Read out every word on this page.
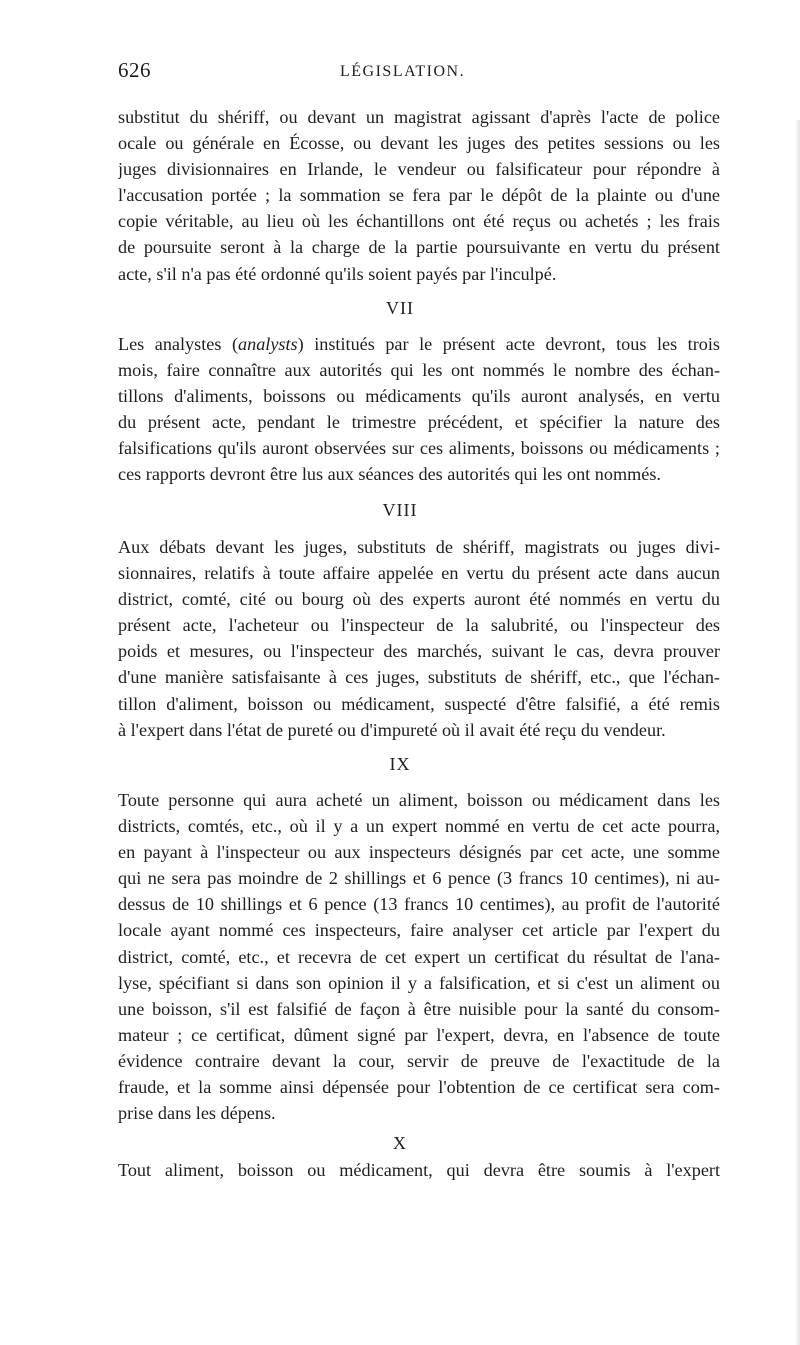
626	LÉGISLATION.
substitut du shériff, ou devant un magistrat agissant d'après l'acte de police
ocale ou générale en Écosse, ou devant les juges des petites sessions ou les
juges divisionnaires en Irlande, le vendeur ou falsificateur pour répondre à
l'accusation portée ; la sommation se fera par le dépôt de la plainte ou d'une
copie véritable, au lieu où les échantillons ont été reçus ou achetés ; les frais
de poursuite seront à la charge de la partie poursuivante en vertu du présent
acte, s'il n'a pas été ordonné qu'ils soient payés par l'inculpé.
VII
Les analystes (analysts) institués par le présent acte devront, tous les trois
mois, faire connaître aux autorités qui les ont nommés le nombre des échan-
tillons d'aliments, boissons ou médicaments qu'ils auront analysés, en vertu
du présent acte, pendant le trimestre précédent, et spécifier la nature des
falsifications qu'ils auront observées sur ces aliments, boissons ou médicaments ;
ces rapports devront être lus aux séances des autorités qui les ont nommés.
VIII
Aux débats devant les juges, substituts de shériff, magistrats ou juges divi-
sionnaires, relatifs à toute affaire appelée en vertu du présent acte dans aucun
district, comté, cité ou bourg où des experts auront été nommés en vertu du
présent acte, l'acheteur ou l'inspecteur de la salubrité, ou l'inspecteur des
poids et mesures, ou l'inspecteur des marchés, suivant le cas, devra prouver
d'une manière satisfaisante à ces juges, substituts de shériff, etc., que l'échan-
tillon d'aliment, boisson ou médicament, suspecté d'être falsifié, a été remis
à l'expert dans l'état de pureté ou d'impureté où il avait été reçu du vendeur.
IX
Toute personne qui aura acheté un aliment, boisson ou médicament dans les
districts, comtés, etc., où il y a un expert nommé en vertu de cet acte pourra,
en payant à l'inspecteur ou aux inspecteurs désignés par cet acte, une somme
qui ne sera pas moindre de 2 shillings et 6 pence (3 francs 10 centimes), ni au-
dessus de 10 shillings et 6 pence (13 francs 10 centimes), au profit de l'autorité
locale ayant nommé ces inspecteurs, faire analyser cet article par l'expert du
district, comté, etc., et recevra de cet expert un certificat du résultat de l'ana-
lyse, spécifiant si dans son opinion il y a falsification, et si c'est un aliment ou
une boisson, s'il est falsifié de façon à être nuisible pour la santé du consom-
mateur ; ce certificat, dûment signé par l'expert, devra, en l'absence de toute
évidence contraire devant la cour, servir de preuve de l'exactitude de la
fraude, et la somme ainsi dépensée pour l'obtention de ce certificat sera com-
prise dans les dépens.
X
Tout aliment, boisson ou médicament, qui devra être soumis à l'expert
